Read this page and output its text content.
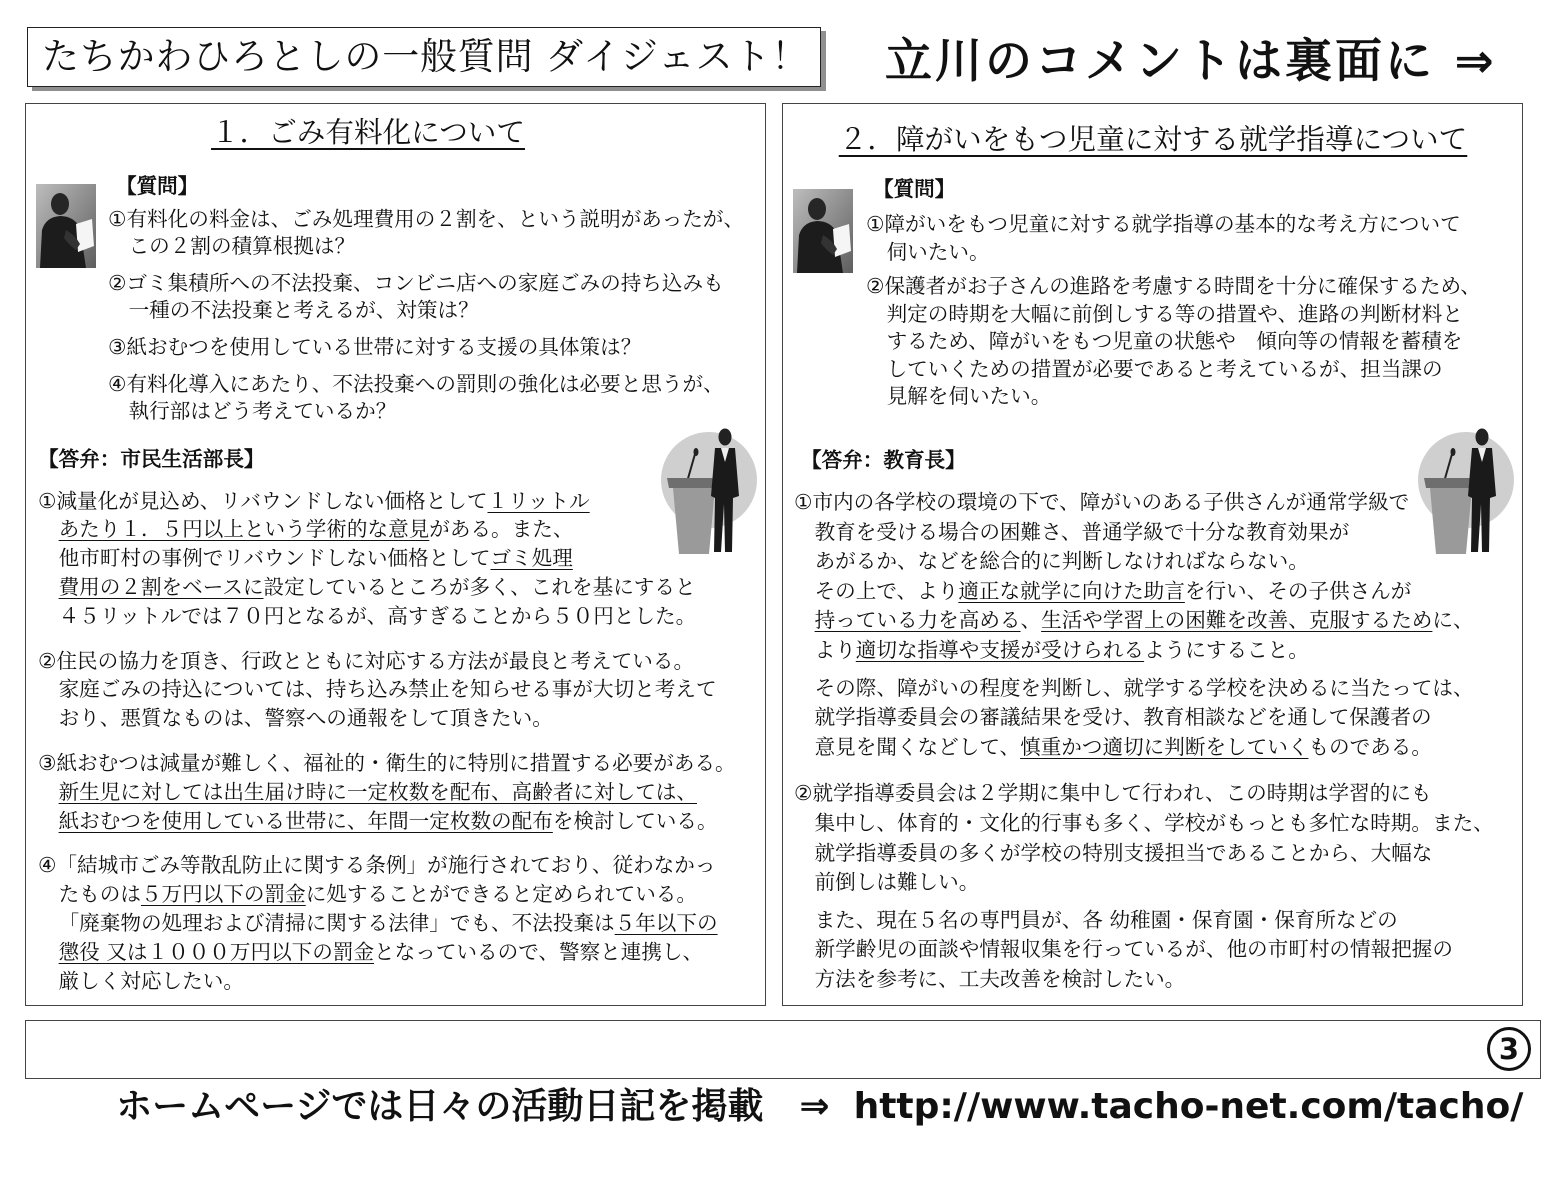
たちかわひろとしの一般質問 ダイジェスト！ 立川のコメントは裏面に ⇒
１．ごみ有料化について
【質問】
①有料化の料金は、ごみ処理費用の２割を、という説明があったが、
この２割の積算根拠は？
②ゴミ集積所への不法投棄、コンビニ店への家庭ごみの持ち込みも
一種の不法投棄と考えるが、対策は？
③紙おむつを使用している世帯に対する支援の具体策は？
④有料化導入にあたり、不法投棄への罰則の強化は必要と思うが、
執行部はどう考えているか？
【答弁：市民生活部長】
①減量化が見込め、リバウンドしない価格として１リットル
あたり１．５円以上という学術的な意見がある。また、
他市町村の事例でリバウンドしない価格としてゴミ処理
費用の２割をベースに設定しているところが多く、これを基にすると
４５リットルでは７０円となるが、高すぎることから５０円とした。
②住民の協力を頂き、行政とともに対応する方法が最良と考えている。
家庭ごみの持込については、持ち込み禁止を知らせる事が大切と考えて
おり、悪質なものは、警察への通報をして頂きたい。
③紙おむつは減量が難しく、福祉的・衛生的に特別に措置する必要がある。
新生児に対しては出生届け時に一定枚数を配布、高齢者に対しては、
紙おむつを使用している世帯に、年間一定枚数の配布を検討している。
④「結城市ごみ等散乱防止に関する条例」が施行されており、従わなかっ
たものは５万円以下の罰金に処することができると定められている。
「廃棄物の処理および清掃に関する法律」でも、不法投棄は５年以下の
懲役 又は１０００万円以下の罰金となっているので、警察と連携し、
厳しく対応したい。
２．障がいをもつ児童に対する就学指導について
【質問】
①障がいをもつ児童に対する就学指導の基本的な考え方について
伺いたい。
②保護者がお子さんの進路を考慮する時間を十分に確保するため、
判定の時期を大幅に前倒しする等の措置や、進路の判断材料と
するため、障がいをもつ児童の状態や　傾向等の情報を蓄積を
していくための措置が必要であると考えているが、担当課の
見解を伺いたい。
【答弁：教育長】
①市内の各学校の環境の下で、障がいのある子供さんが通常学級で
教育を受ける場合の困難さ、普通学級で十分な教育効果が
あがるか、などを総合的に判断しなければならない。
その上で、より適正な就学に向けた助言を行い、その子供さんが
持っている力を高める、生活や学習上の困難を改善、克服するために、
より適切な指導や支援が受けられるようにすること。
その際、障がいの程度を判断し、就学する学校を決めるに当たっては、
就学指導委員会の審議結果を受け、教育相談などを通して保護者の
意見を聞くなどして、慎重かつ適切に判断をしていくものである。
②就学指導委員会は２学期に集中して行われ、この時期は学習的にも
集中し、体育的・文化的行事も多く、学校がもっとも多忙な時期。また、
就学指導委員の多くが学校の特別支援担当であることから、大幅な
前倒しは難しい。
また、現在５名の専門員が、各 幼稚園・保育園・保育所などの
新学齢児の面談や情報収集を行っているが、他の市町村の情報把握の
方法を参考に、工夫改善を検討したい。

ホームページでは日々の活動日記を掲載 ⇒ http://www.tacho-net.com/tacho/

3
